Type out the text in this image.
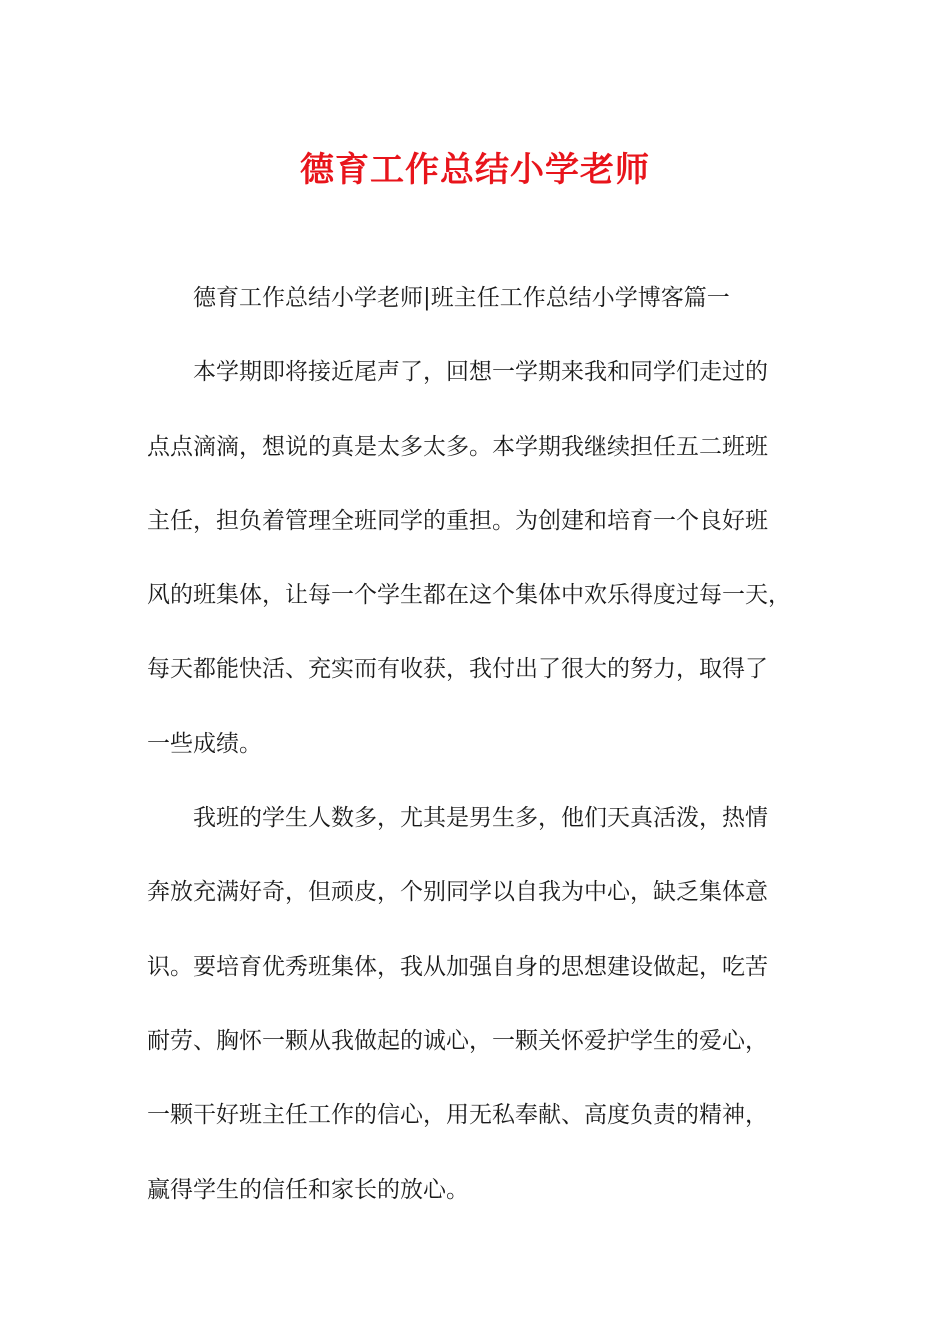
德育工作总结小学老师
德育工作总结小学老师|班主任工作总结小学博客篇一
本学期即将接近尾声了，回想一学期来我和同学们走过的
点点滴滴，想说的真是太多太多。本学期我继续担任五二班班
主任，担负着管理全班同学的重担。为创建和培育一个良好班
风的班集体，让每一个学生都在这个集体中欢乐得度过每一天，
每天都能快活、充实而有收获，我付出了很大的努力，取得了
一些成绩。
我班的学生人数多，尤其是男生多，他们天真活泼，热情
奔放充满好奇，但顽皮，个别同学以自我为中心，缺乏集体意
识。要培育优秀班集体，我从加强自身的思想建设做起，吃苦
耐劳、胸怀一颗从我做起的诚心，一颗关怀爱护学生的爱心，
一颗干好班主任工作的信心，用无私奉献、高度负责的精神，
赢得学生的信任和家长的放心。
